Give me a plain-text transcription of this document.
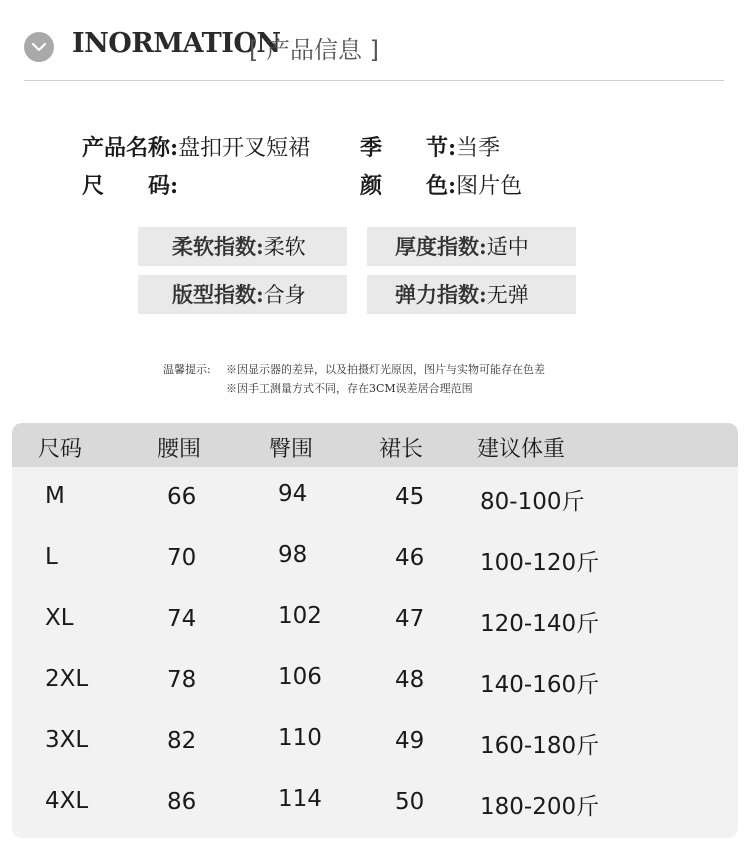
INORMATION
[ 产品信息 ]
产品名称:盘扣开叉短裙 季　　节:当季
尺　　码:	颜　　色:图片色
柔软指数:柔软	厚度指数:适中
版型指数:合身	弹力指数:无弹
温馨提示: ※因显示器的差异，以及拍摄灯光原因，图片与实物可能存在色差
※因手工测量方式不同，存在3CM误差居合理范围
尺码	腰围	臀围	裙长 建议体重
M	66	94	45 80-100斤
L	70	98	46 100-120斤
XL	74	102	47 120-140斤
2XL	78	106	48 140-160斤
3XL	82	110	49 160-180斤
4XL	86	114	50 180-200斤
